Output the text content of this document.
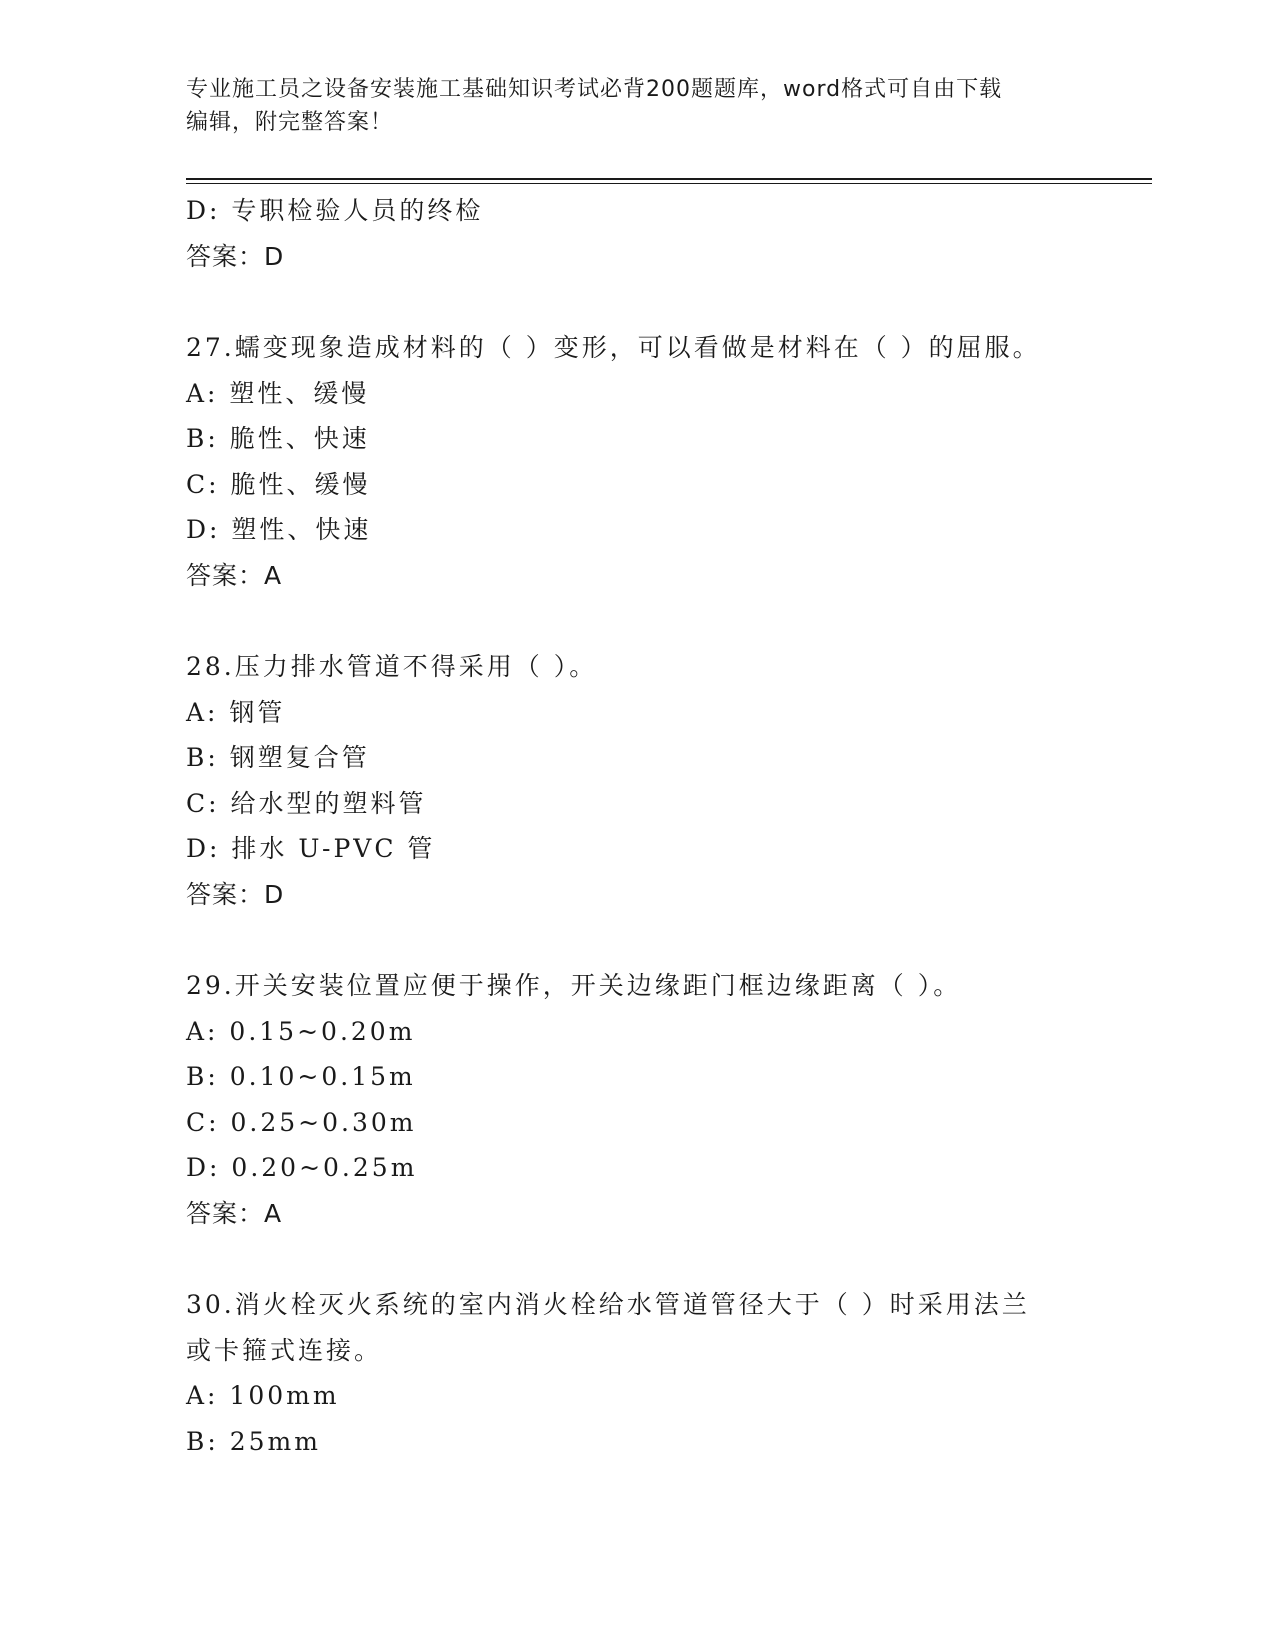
专业施工员之设备安装施工基础知识考试必背200题题库，word格式可自由下载
编辑，附完整答案！
D: 专职检验人员的终检
答案：D
27.蠕变现象造成材料的（ ）变形，可以看做是材料在（ ）的屈服。
A: 塑性、缓慢
B: 脆性、快速
C: 脆性、缓慢
D: 塑性、快速
答案：A
28.压力排水管道不得采用（ ）。
A: 钢管
B: 钢塑复合管
C: 给水型的塑料管
D: 排水 U-PVC 管
答案：D
29.开关安装位置应便于操作，开关边缘距门框边缘距离（ ）。
A: 0.15~0.20m
B: 0.10~0.15m
C: 0.25~0.30m
D: 0.20~0.25m
答案：A
30.消火栓灭火系统的室内消火栓给水管道管径大于（ ）时采用法兰
或卡箍式连接。
A: 100mm
B: 25mm
